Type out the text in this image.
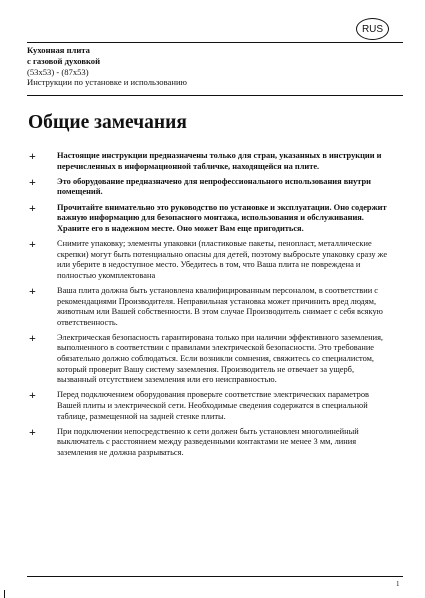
RUS
Кухонная плита
с газовой духовкой
(53x53) - (87x53)
Инструкции по установке и использованию
Общие замечания
+	Настоящие инструкции предназначены только для стран, указанных в инструкции и перечисленных в информационной табличке, находящейся на плите.
+	Это оборудование предназначено для непрофессионального использования внутри помещений.
+	Прочитайте внимательно это руководство по установке и эксплуатации. Оно содержит важную информацию для безопасного монтажа, использования и обслуживания. Храните его в надежном месте. Оно может Вам еще пригодиться.
+	Снимите упаковку; элементы упаковки (пластиковые пакеты, пенопласт, металлические скрепки) могут быть потенциально опасны для детей, поэтому выбросьте упаковку сразу же или уберите в недоступное место. Убедитесь в том, что Ваша плита не повреждена и полностью укомплектована
+	Ваша плита должна быть установлена квалифицированным персоналом, в соответствии с рекомендациями Производителя. Неправильная установка может причинить вред людям, животным или Вашей собственности. В этом случае Производитель снимает с себя всякую ответственность.
+	Электрическая безопасность гарантирована только при наличии эффективного заземления, выполненного в соответствии с правилами электрической безопасности. Это требование обязательно должно соблюдаться. Если возникли сомнения, свяжитесь со специалистом, который проверит Вашу систему заземления. Производитель не отвечает за ущерб, вызванный отсутствием заземления или его неисправностью.
+	Перед подключением оборудования проверьте соответствие электрических параметров Вашей плиты и электрической сети. Необходимые сведения содержатся в специальной таблице, размещенной на задней стенке плиты.
+	При подключении непосредственно к сети должен быть установлен многолинейный выключатель с расстоянием между разведенными контактами не менее 3 мм, линия заземления не должна разрываться.
1
